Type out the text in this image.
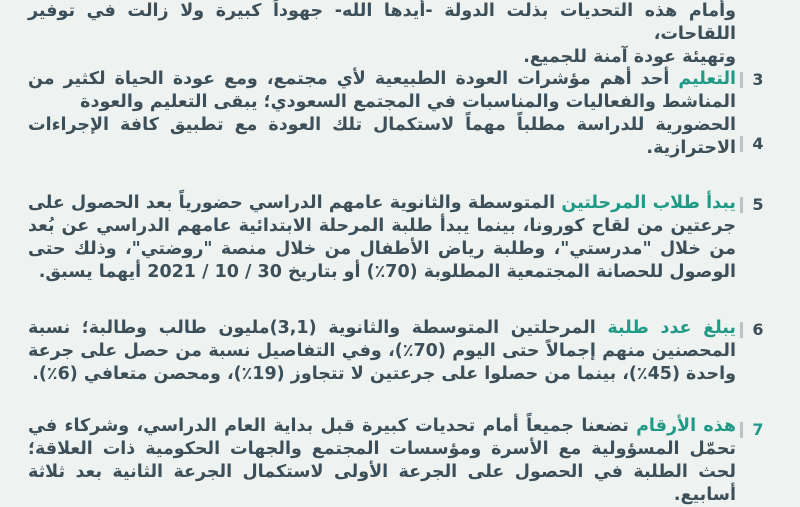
وأمام هذه التحديات بذلت الدولة -أيدها الله- جهوداً كبيرة ولا زالت في توفير اللقاحات،
وتهيئة عودة آمنة للجميع.
3
التعليم أحد أهم مؤشرات العودة الطبيعية لأي مجتمع، ومع عودة الحياة لكثير من المناشط والفعاليات والمناسبات في المجتمع السعودي؛ يبقى التعليم والعودة
4
الحضورية للدراسة مطلباً مهماً لاستكمال تلك العودة مع تطبيق كافة الإجراءات الاحترازية.
5
يبدأ طلاب المرحلتين المتوسطة والثانوية عامهم الدراسي حضورياً بعد الحصول على جرعتين من لقاح كورونا، بينما يبدأ طلبة المرحلة الابتدائية عامهم الدراسي عن بُعد من خلال "مدرستي"، وطلبة رياض الأطفال من خلال منصة "روضتي"، وذلك حتى الوصول للحصانة المجتمعية المطلوبة (70٪) أو بتاريخ 30 / 10 / 2021 أيهما يسبق.
6
يبلغ عدد طلبة المرحلتين المتوسطة والثانوية (3,1)مليون طالب وطالبة؛ نسبة المحصنين منهم إجمالاً حتى اليوم (70٪)، وفي التفاصيل نسبة من حصل على جرعة واحدة (45٪)، بينما من حصلوا على جرعتين لا تتجاوز (19٪)، ومحصن متعافي (6٪).
7
هذه الأرقام تضعنا جميعاً أمام تحديات كبيرة قبل بداية العام الدراسي، وشركاء في تحمّل المسؤولية مع الأسرة ومؤسسات المجتمع والجهات الحكومية ذات العلاقة؛ لحث الطلبة في الحصول على الجرعة الأولى لاستكمال الجرعة الثانية بعد ثلاثة أسابيع.
